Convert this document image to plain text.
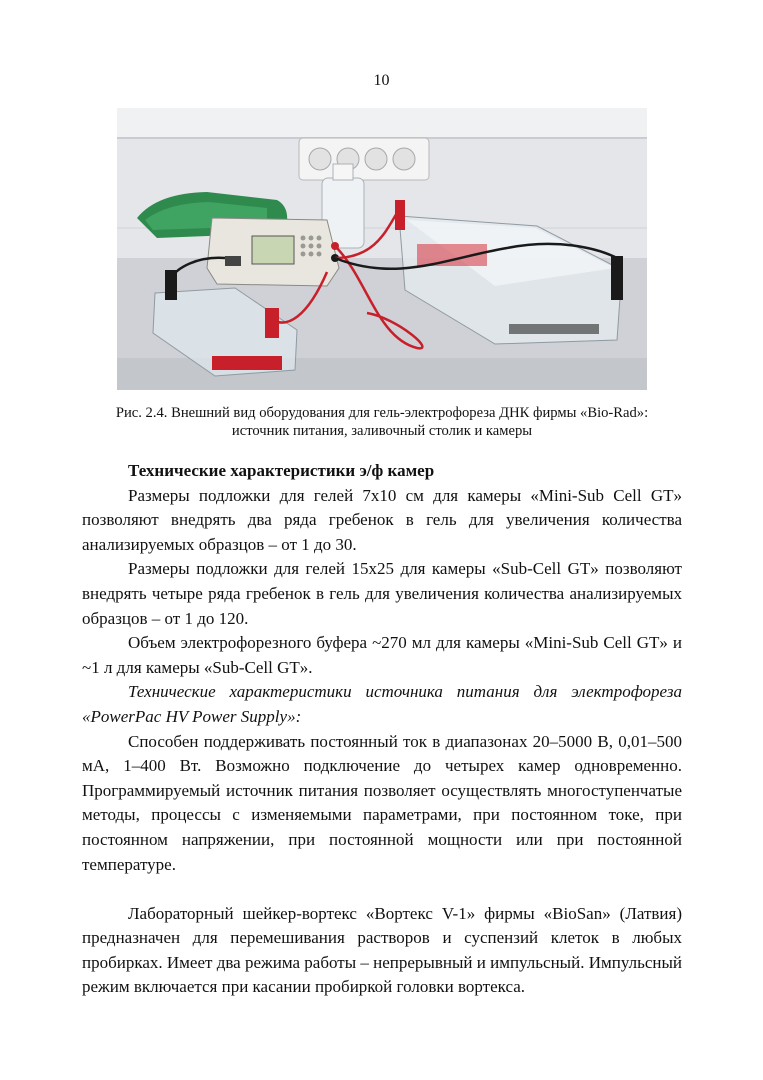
10
Рис. 2.4. Внешний вид оборудования для гель-электрофореза ДНК фирмы «Bio-Rad»:
источник питания, заливочный столик и камеры

Технические характеристики э/ф камер

Размеры подложки для гелей 7x10 см для камеры «Mini-Sub Cell GT» позволяют внедрять два ряда гребенок в гель для увеличения количества анализируемых образцов – от 1 до 30.

Размеры подложки для гелей 15x25 для камеры «Sub-Cell GT» позволяют внедрять четыре ряда гребенок в гель для увеличения количества анализируемых образцов – от 1 до 120.

Объем электрофорезного буфера ~270 мл для камеры «Mini-Sub Cell GT» и ~1 л для камеры «Sub-Cell GT».

Технические характеристики источника питания для электрофореза «PowerPac HV Power Supply»:

Способен поддерживать постоянный ток в диапазонах 20–5000 В, 0,01–500 мА, 1–400 Вт. Возможно подключение до четырех камер одновременно. Программируемый источник питания позволяет осуществлять многоступенчатые методы, процессы с изменяемыми параметрами, при постоянном токе, при постоянном напряжении, при постоянной мощности или при постоянной температуре.

Лабораторный шейкер-вортекс «Вортекс V-1» фирмы «BioSan» (Латвия) предназначен для перемешивания растворов и суспензий клеток в любых пробирках. Имеет два режима работы – непрерывный и импульсный. Импульсный режим включается при касании пробиркой головки вортекса.
